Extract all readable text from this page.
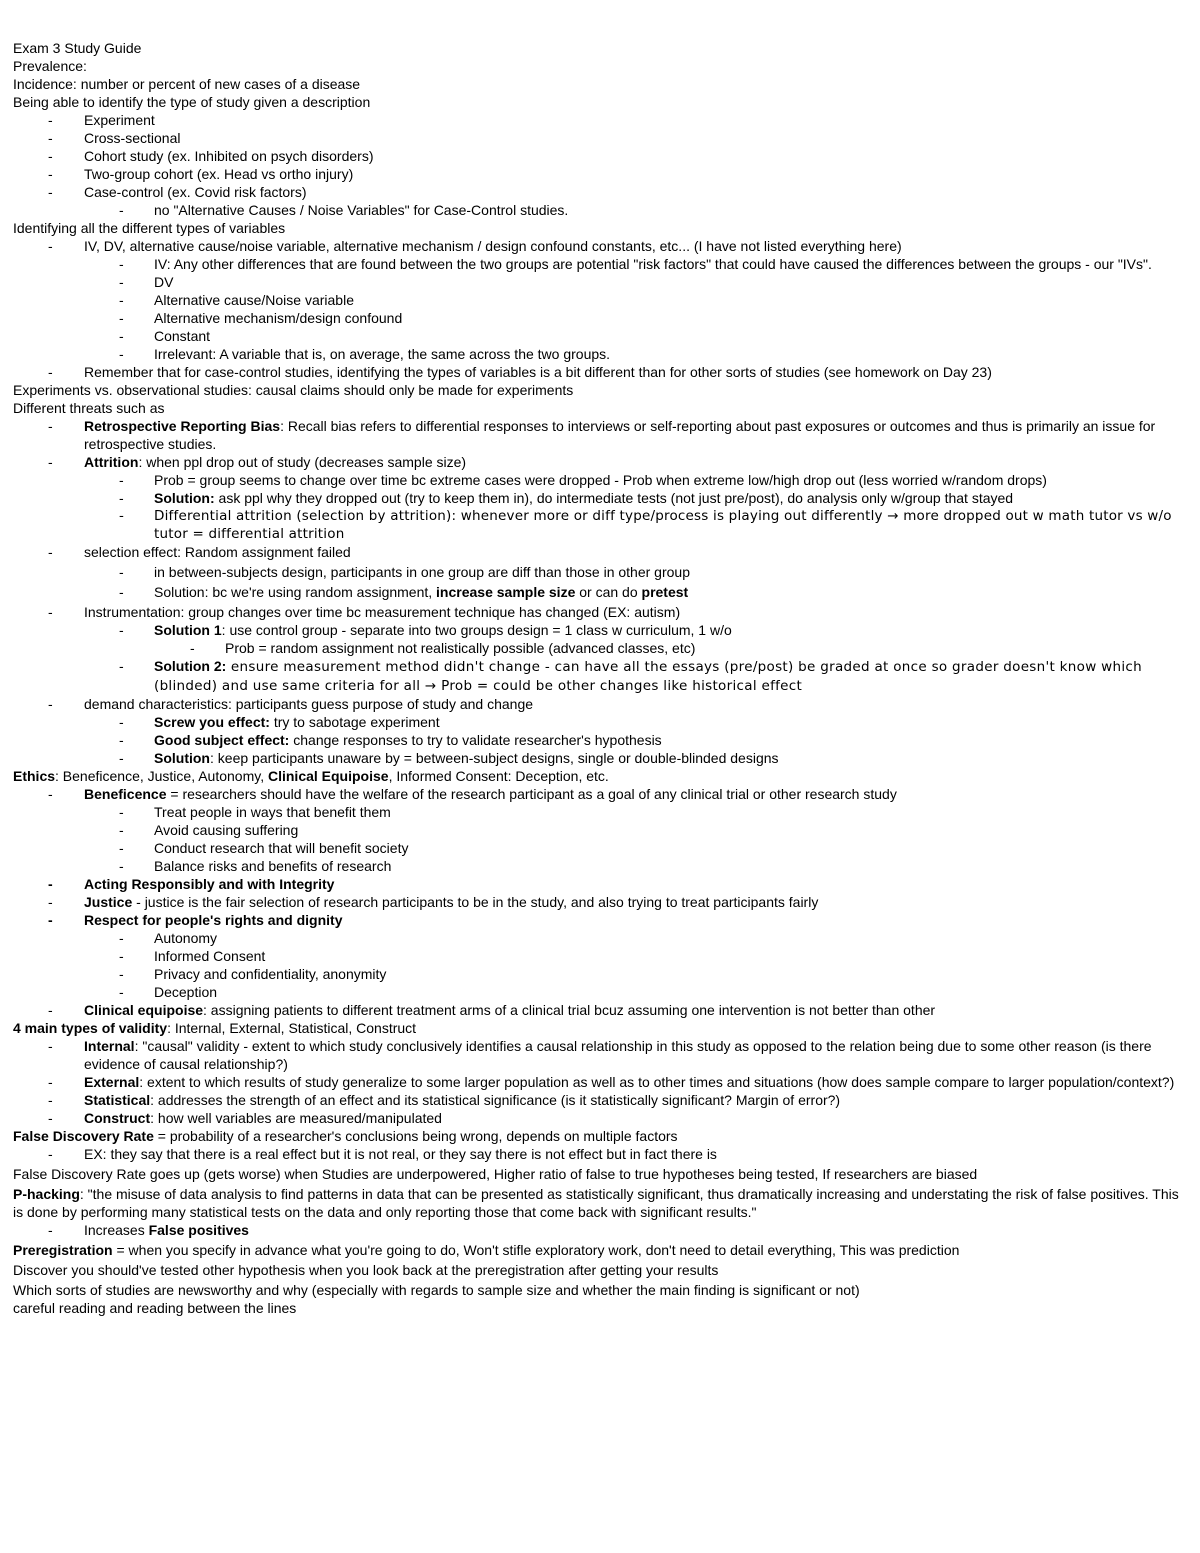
Exam 3 Study Guide
Prevalence:
Incidence: number or percent of new cases of a disease
Being able to identify the type of study given a description
- Experiment
- Cross-sectional
- Cohort study (ex. Inhibited on psych disorders)
- Two-group cohort (ex. Head vs ortho injury)
- Case-control (ex. Covid risk factors)
- no "Alternative Causes / Noise Variables" for Case-Control studies.
Identifying all the different types of variables
- IV, DV, alternative cause/noise variable, alternative mechanism / design confound constants, etc... (I have not listed everything here)
- IV: Any other differences that are found between the two groups are potential "risk factors" that could have caused the differences between the groups - our "IVs".
- DV
- Alternative cause/Noise variable
- Alternative mechanism/design confound
- Constant
- Irrelevant: A variable that is, on average, the same across the two groups.
- Remember that for case-control studies, identifying the types of variables is a bit different than for other sorts of studies (see homework on Day 23)
Experiments vs. observational studies: causal claims should only be made for experiments
Different threats such as
- Retrospective Reporting Bias: Recall bias refers to differential responses to interviews or self-reporting about past exposures or outcomes and thus is primarily an issue for retrospective studies.
- Attrition: when ppl drop out of study (decreases sample size)
- Prob = group seems to change over time bc extreme cases were dropped - Prob when extreme low/high drop out (less worried w/random drops)
- Solution: ask ppl why they dropped out (try to keep them in), do intermediate tests (not just pre/post), do analysis only w/group that stayed
- Differential attrition (selection by attrition): whenever more or diff type/process is playing out differently → more dropped out w math tutor vs w/o tutor = differential attrition
- selection effect: Random assignment failed
- in between-subjects design, participants in one group are diff than those in other group
- Solution: bc we're using random assignment, increase sample size or can do pretest
- Instrumentation: group changes over time bc measurement technique has changed (EX: autism)
- Solution 1: use control group - separate into two groups design = 1 class w curriculum, 1 w/o
- Prob = random assignment not realistically possible (advanced classes, etc)
- Solution 2: ensure measurement method didn't change - can have all the essays (pre/post) be graded at once so grader doesn't know which (blinded) and use same criteria for all → Prob = could be other changes like historical effect
- demand characteristics: participants guess purpose of study and change
- Screw you effect: try to sabotage experiment
- Good subject effect: change responses to try to validate researcher's hypothesis
- Solution: keep participants unaware by = between-subject designs, single or double-blinded designs
Ethics: Beneficence, Justice, Autonomy, Clinical Equipoise, Informed Consent: Deception, etc.
- Beneficence = researchers should have the welfare of the research participant as a goal of any clinical trial or other research study
- Treat people in ways that benefit them
- Avoid causing suffering
- Conduct research that will benefit society
- Balance risks and benefits of research
- Acting Responsibly and with Integrity
- Justice - justice is the fair selection of research participants to be in the study, and also trying to treat participants fairly
- Respect for people's rights and dignity
- Autonomy
- Informed Consent
- Privacy and confidentiality, anonymity
- Deception
- Clinical equipoise: assigning patients to different treatment arms of a clinical trial bcuz assuming one intervention is not better than other
4 main types of validity: Internal, External, Statistical, Construct
- Internal: "causal" validity - extent to which study conclusively identifies a causal relationship in this study as opposed to the relation being due to some other reason (is there evidence of causal relationship?)
- External: extent to which results of study generalize to some larger population as well as to other times and situations (how does sample compare to larger population/context?)
- Statistical: addresses the strength of an effect and its statistical significance (is it statistically significant? Margin of error?)
- Construct: how well variables are measured/manipulated
False Discovery Rate = probability of a researcher's conclusions being wrong, depends on multiple factors
- EX: they say that there is a real effect but it is not real, or they say there is not effect but in fact there is
False Discovery Rate goes up (gets worse) when Studies are underpowered, Higher ratio of false to true hypotheses being tested, If researchers are biased
P-hacking: "the misuse of data analysis to find patterns in data that can be presented as statistically significant, thus dramatically increasing and understating the risk of false positives. This is done by performing many statistical tests on the data and only reporting those that come back with significant results."
- Increases False positives
Preregistration = when you specify in advance what you're going to do, Won't stifle exploratory work, don't need to detail everything, This was prediction
Discover you should've tested other hypothesis when you look back at the preregistration after getting your results
Which sorts of studies are newsworthy and why (especially with regards to sample size and whether the main finding is significant or not)
careful reading and reading between the lines
